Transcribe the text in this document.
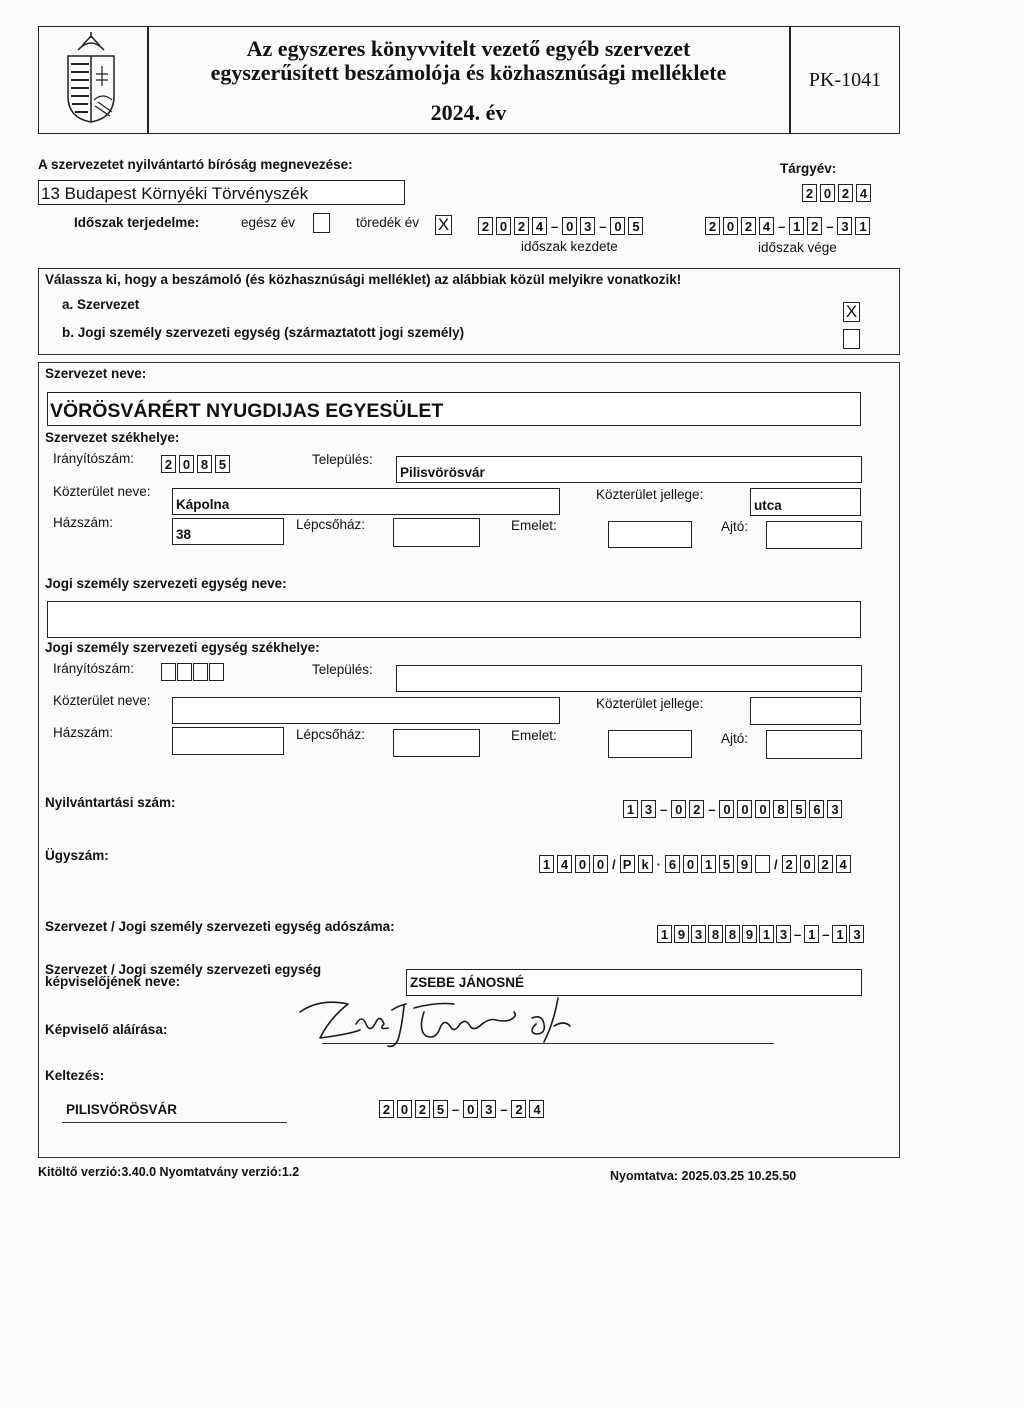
Az egyszeres könyvvitelt vezető egyéb szervezet
egyszerűsített beszámolója és közhasznúsági melléklete
2024. év
PK-1041
A szervezetet nyilvántartó bíróság megnevezése:	Tárgyév:
13 Budapest Környéki Törvényszék	2 0 2 4
Időszak terjedelme:	egész év	töredék év X	2 0 2 4 – 0 3 – 0 5	2 0 2 4 – 1 2 – 3 1
időszak kezdete	időszak vége
Válassza ki, hogy a beszámoló (és közhasznúsági melléklet) az alábbiak közül melyikre vonatkozik!
a. Szervezet	X
b. Jogi személy szervezeti egység (származtatott jogi személy)
Szervezet neve:
VÖRÖSVÁRÉRT NYUGDIJAS EGYESÜLET
Szervezet székhelye:
Irányítószám: 2 0 8 5	Település:
Pilisvörösvár
Közterület neve:
Kápolna
Közterület jellege:
utca
Házszám:
38
Lépcsőház:	Emelet:	Ajtó:
Jogi személy szervezeti egység neve:
Jogi személy szervezeti egység székhelye:
Irányítószám:	Település:
Közterület neve:	Közterület jellege:
Házszám:	Lépcsőház:	Emelet:	Ajtó:
Nyilvántartási szám:	1 3 – 0 2 – 0 0 0 8 5 6 3
Ügyszám:
1 4 0 0 / P k · 6 0 1 5 9 / 2 0 2 4
Szervezet / Jogi személy szervezeti egység adószáma:	1 9 3 8 8 9 1 3 – 1 – 1 3
Szervezet / Jogi személy szervezeti egység
képviselőjének neve:	ZSEBE JÁNOSNÉ
Képviselő aláírása:
Keltezés:
PILISVÖRÖSVÁR	2 0 2 5 – 0 3 – 2 4
Kitöltő verzió:3.40.0 Nyomtatvány verzió:1.2	Nyomtatva: 2025.03.25 10.25.50
